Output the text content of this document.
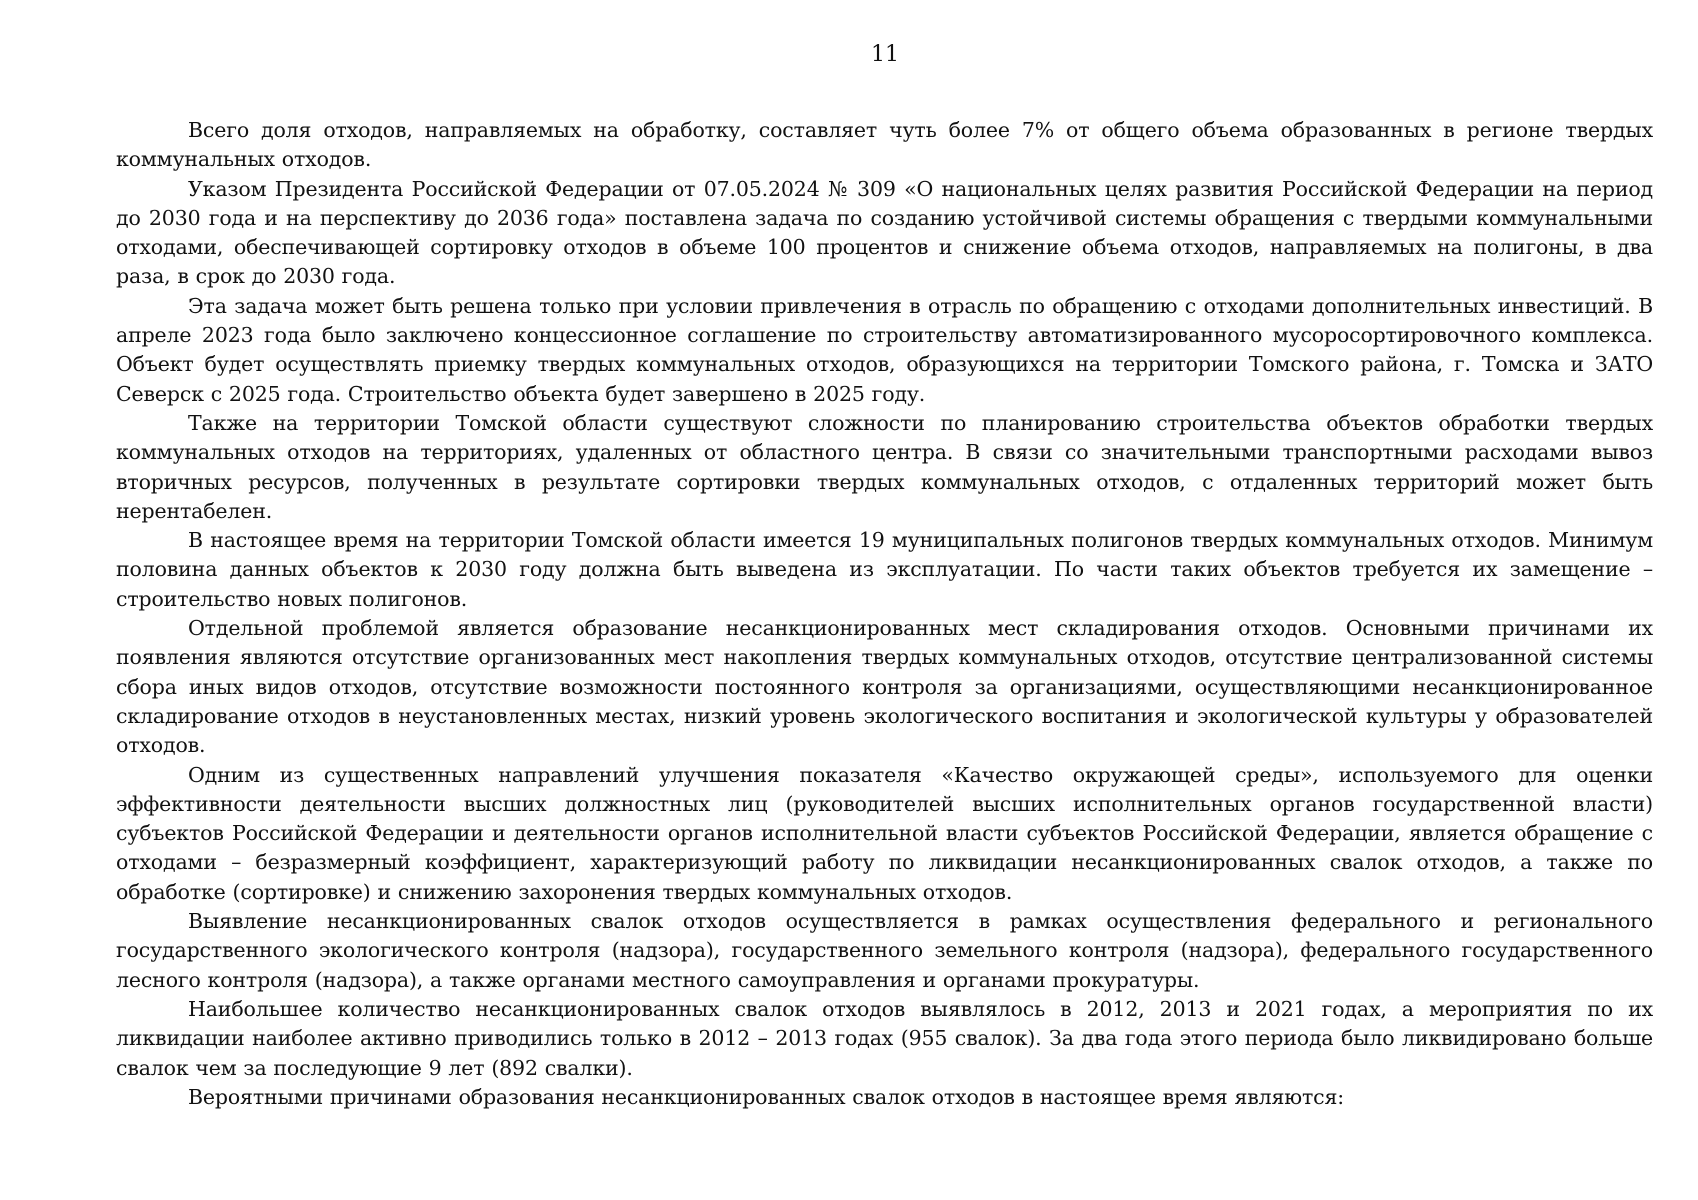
11

Всего доля отходов, направляемых на обработку, составляет чуть более 7% от общего объема образованных в регионе твердых коммунальных отходов.

Указом Президента Российской Федерации от 07.05.2024 № 309 «О национальных целях развития Российской Федерации на период до 2030 года и на перспективу до 2036 года» поставлена задача по созданию устойчивой системы обращения с твердыми коммунальными отходами, обеспечивающей сортировку отходов в объеме 100 процентов и снижение объема отходов, направляемых на полигоны, в два раза, в срок до 2030 года.

Эта задача может быть решена только при условии привлечения в отрасль по обращению с отходами дополнительных инвестиций. В апреле 2023 года было заключено концессионное соглашение по строительству автоматизированного мусоросортировочного комплекса. Объект будет осуществлять приемку твердых коммунальных отходов, образующихся на территории Томского района, г. Томска и ЗАТО Северск с 2025 года. Строительство объекта будет завершено в 2025 году.

Также на территории Томской области существуют сложности по планированию строительства объектов обработки твердых коммунальных отходов на территориях, удаленных от областного центра. В связи со значительными транспортными расходами вывоз вторичных ресурсов, полученных в результате сортировки твердых коммунальных отходов, с отдаленных территорий может быть нерентабелен.

В настоящее время на территории Томской области имеется 19 муниципальных полигонов твердых коммунальных отходов. Минимум половина данных объектов к 2030 году должна быть выведена из эксплуатации. По части таких объектов требуется их замещение – строительство новых полигонов.

Отдельной проблемой является образование несанкционированных мест складирования отходов. Основными причинами их появления являются отсутствие организованных мест накопления твердых коммунальных отходов, отсутствие централизованной системы сбора иных видов отходов, отсутствие возможности постоянного контроля за организациями, осуществляющими несанкционированное складирование отходов в неустановленных местах, низкий уровень экологического воспитания и экологической культуры у образователей отходов.

Одним из существенных направлений улучшения показателя «Качество окружающей среды», используемого для оценки эффективности деятельности высших должностных лиц (руководителей высших исполнительных органов государственной власти) субъектов Российской Федерации и деятельности органов исполнительной власти субъектов Российской Федерации, является обращение с отходами – безразмерный коэффициент, характеризующий работу по ликвидации несанкционированных свалок отходов, а также по обработке (сортировке) и снижению захоронения твердых коммунальных отходов.

Выявление несанкционированных свалок отходов осуществляется в рамках осуществления федерального и регионального государственного экологического контроля (надзора), государственного земельного контроля (надзора), федерального государственного лесного контроля (надзора), а также органами местного самоуправления и органами прокуратуры.

Наибольшее количество несанкционированных свалок отходов выявлялось в 2012, 2013 и 2021 годах, а мероприятия по их ликвидации наиболее активно приводились только в 2012 – 2013 годах (955 свалок). За два года этого периода было ликвидировано больше свалок чем за последующие 9 лет (892 свалки).

Вероятными причинами образования несанкционированных свалок отходов в настоящее время являются:
